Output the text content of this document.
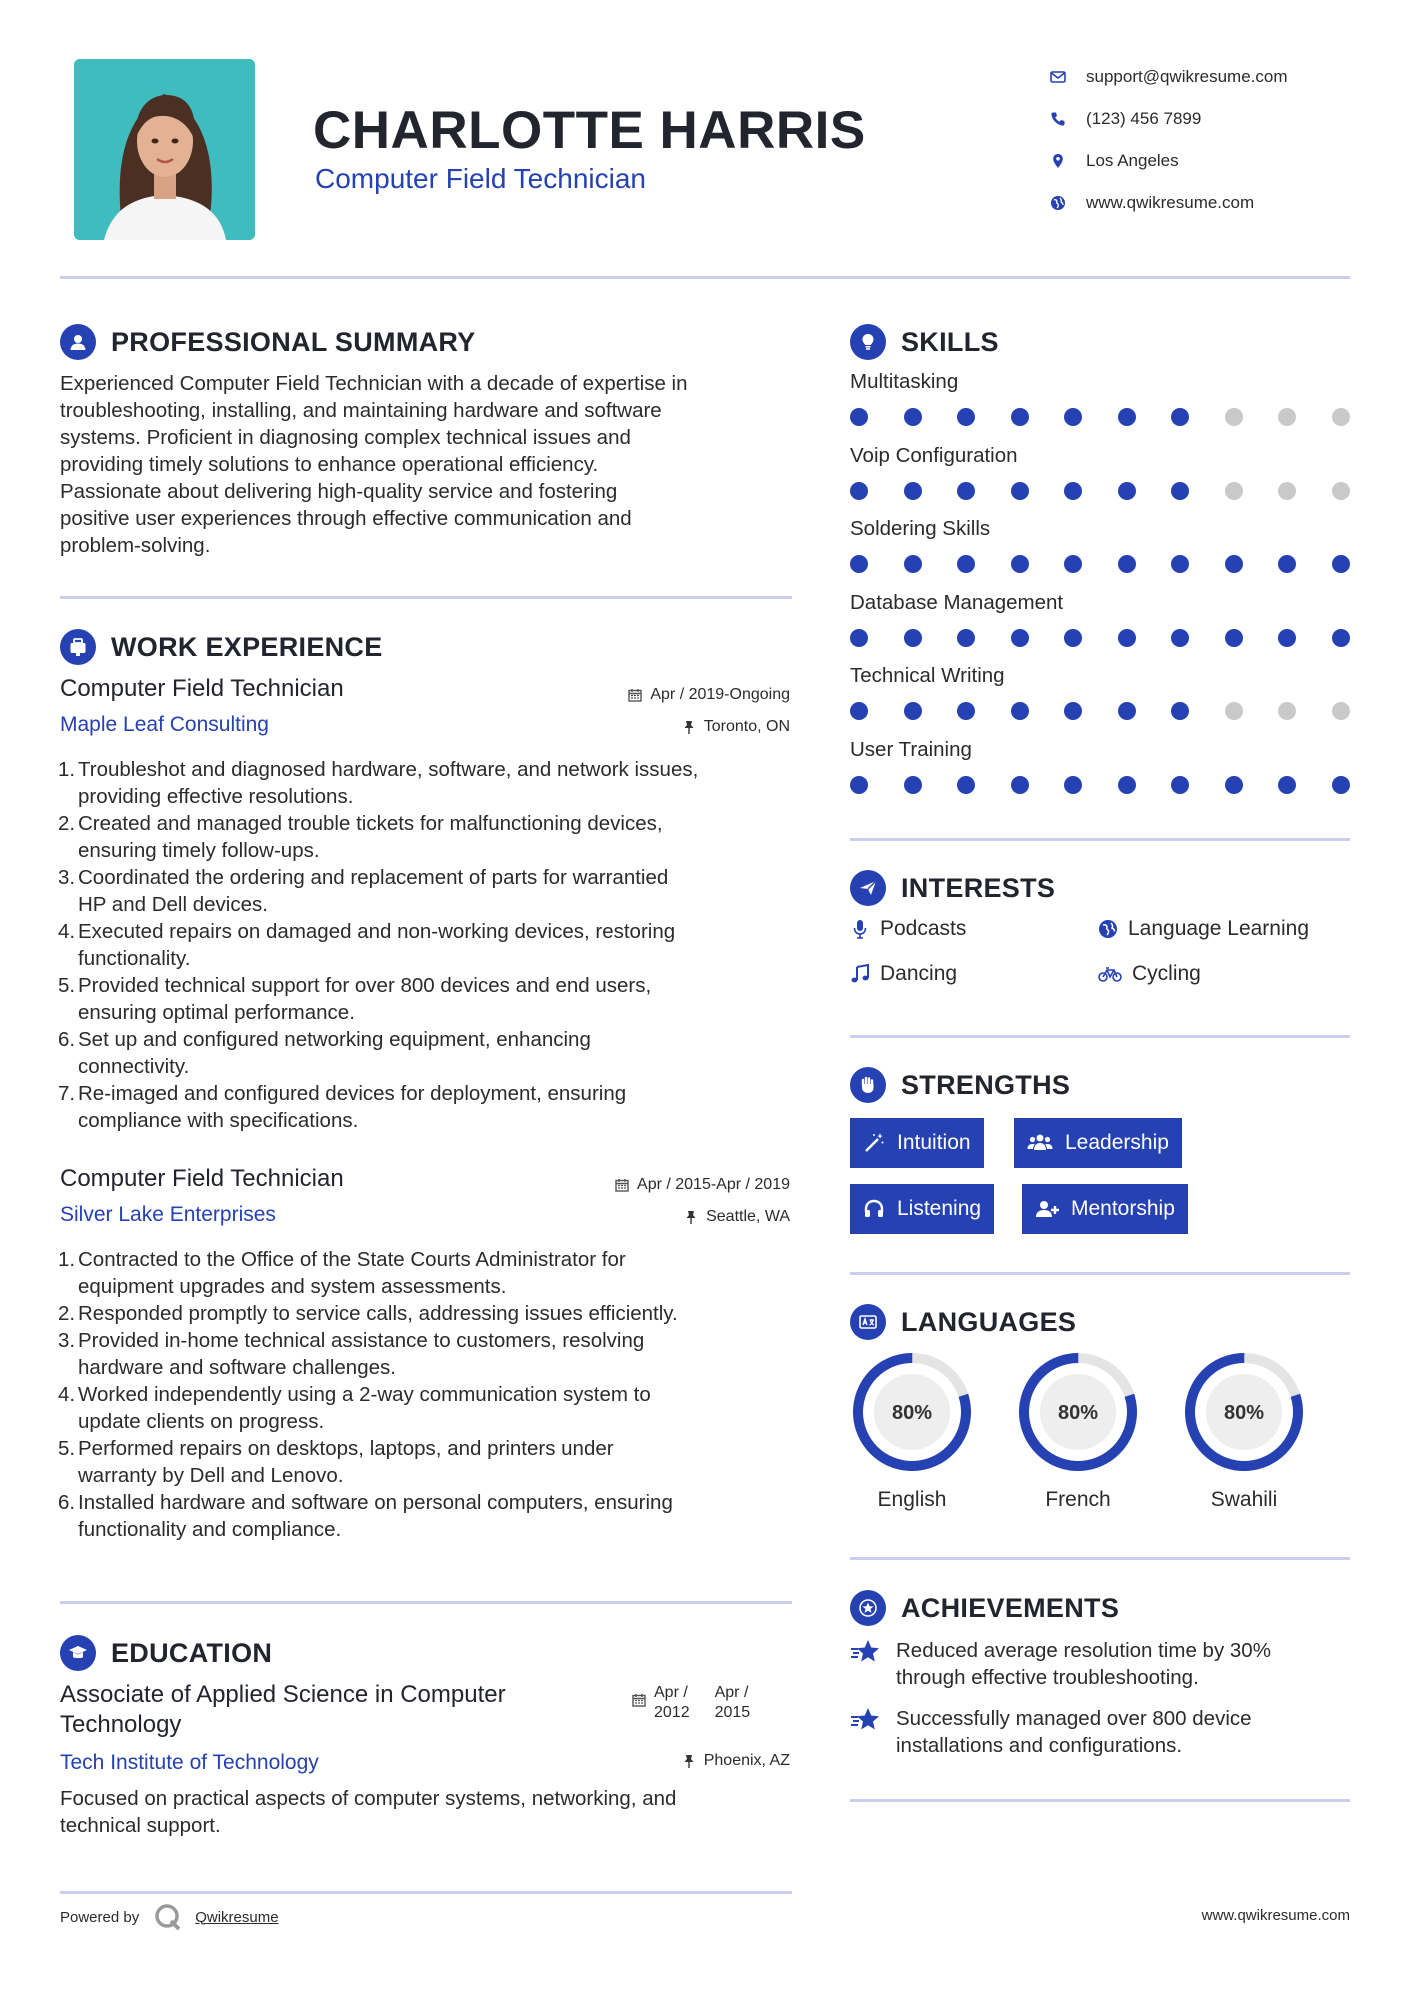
CHARLOTTE HARRIS
Computer Field Technician
support@qwikresume.com
(123) 456 7899
Los Angeles
www.qwikresume.com
PROFESSIONAL SUMMARY
Experienced Computer Field Technician with a decade of expertise in
troubleshooting, installing, and maintaining hardware and software
systems. Proficient in diagnosing complex technical issues and
providing timely solutions to enhance operational efficiency.
Passionate about delivering high-quality service and fostering
positive user experiences through effective communication and
problem-solving.
WORK EXPERIENCE
Computer Field Technician	Apr / 2019-Ongoing
Maple Leaf Consulting	Toronto, ON
1. Troubleshot and diagnosed hardware, software, and network issues,
providing effective resolutions.
2. Created and managed trouble tickets for malfunctioning devices,
ensuring timely follow-ups.
3. Coordinated the ordering and replacement of parts for warrantied
HP and Dell devices.
4. Executed repairs on damaged and non-working devices, restoring
functionality.
5. Provided technical support for over 800 devices and end users,
ensuring optimal performance.
6. Set up and configured networking equipment, enhancing
connectivity.
7. Re-imaged and configured devices for deployment, ensuring
compliance with specifications.
Computer Field Technician	Apr / 2015-Apr / 2019
Silver Lake Enterprises	Seattle, WA
1. Contracted to the Office of the State Courts Administrator for
equipment upgrades and system assessments.
2. Responded promptly to service calls, addressing issues efficiently.
3. Provided in-home technical assistance to customers, resolving
hardware and software challenges.
4. Worked independently using a 2-way communication system to
update clients on progress.
5. Performed repairs on desktops, laptops, and printers under
warranty by Dell and Lenovo.
6. Installed hardware and software on personal computers, ensuring
functionality and compliance.
EDUCATION
Associate of Applied Science in Computer
Technology
Apr /
2012
Apr /
2015
Tech Institute of Technology	Phoenix, AZ
Focused on practical aspects of computer systems, networking, and
technical support.
Powered by	Qwikresume	www.qwikresume.com
SKILLS
Multitasking
Voip Configuration
Soldering Skills
Database Management
Technical Writing
User Training
INTERESTS
Podcasts	Language Learning
Dancing	Cycling
STRENGTHS
Intuition	Leadership
Listening	Mentorship
LANGUAGES
80%
English
80%
French
80%
Swahili
ACHIEVEMENTS
Reduced average resolution time by 30%
through effective troubleshooting.
Successfully managed over 800 device
installations and configurations.
